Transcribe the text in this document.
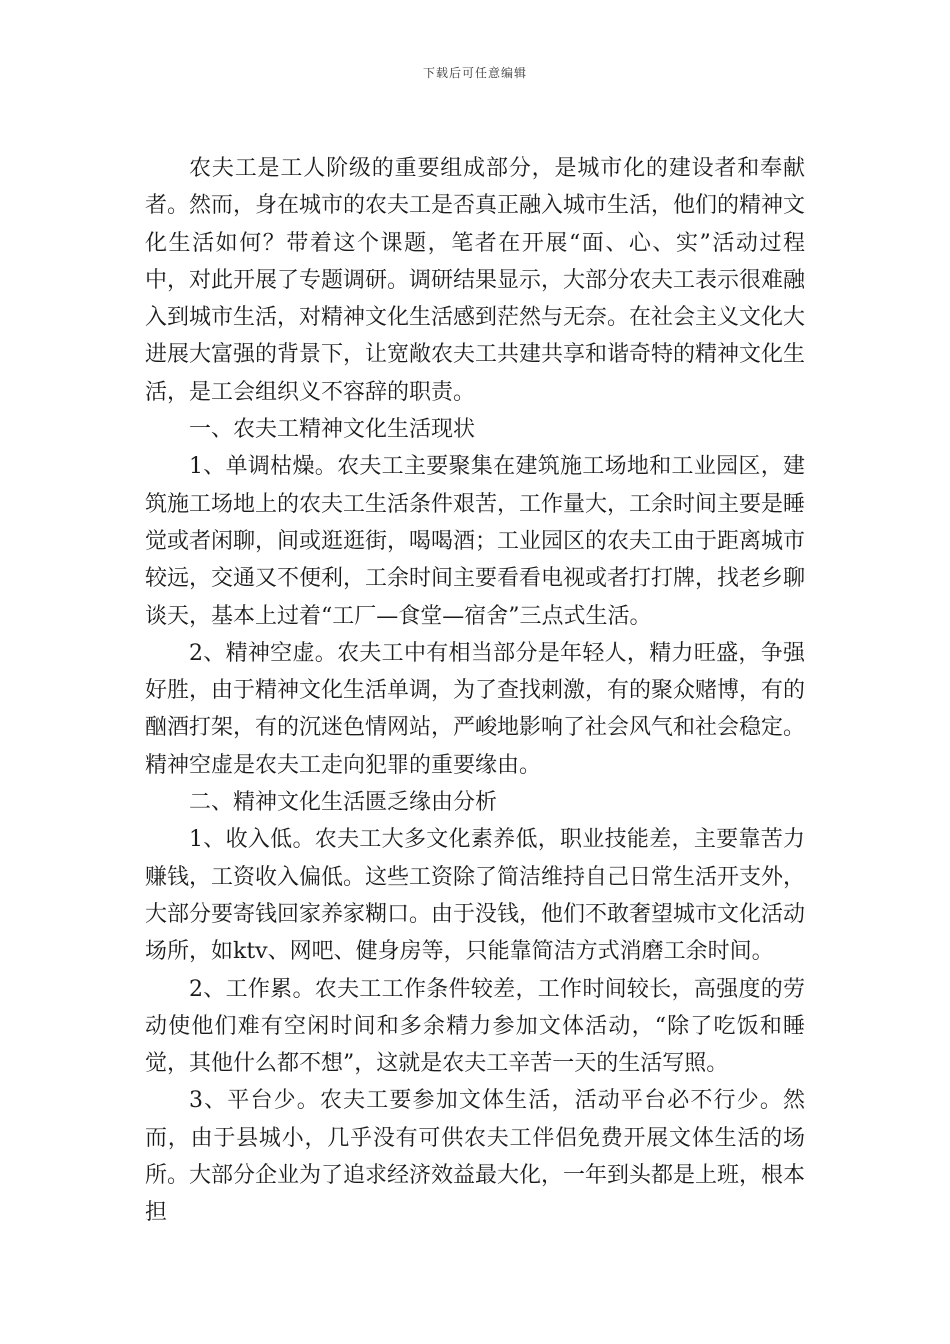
下载后可任意编辑

农夫工是工人阶级的重要组成部分，是城市化的建设者和奉献者。然而，身在城市的农夫工是否真正融入城市生活，他们的精神文化生活如何？带着这个课题，笔者在开展“面、心、实”活动过程中，对此开展了专题调研。调研结果显示，大部分农夫工表示很难融入到城市生活，对精神文化生活感到茫然与无奈。在社会主义文化大进展大富强的背景下，让宽敞农夫工共建共享和谐奇特的精神文化生活，是工会组织义不容辞的职责。

一、农夫工精神文化生活现状

1、单调枯燥。农夫工主要聚集在建筑施工场地和工业园区，建筑施工场地上的农夫工生活条件艰苦，工作量大，工余时间主要是睡觉或者闲聊，间或逛逛街，喝喝酒；工业园区的农夫工由于距离城市较远，交通又不便利，工余时间主要看看电视或者打打牌，找老乡聊谈天，基本上过着“工厂—食堂—宿舍”三点式生活。

2、精神空虚。农夫工中有相当部分是年轻人，精力旺盛，争强好胜，由于精神文化生活单调，为了查找刺激，有的聚众赌博，有的酗酒打架，有的沉迷色情网站，严峻地影响了社会风气和社会稳定。精神空虚是农夫工走向犯罪的重要缘由。

二、精神文化生活匮乏缘由分析

1、收入低。农夫工大多文化素养低，职业技能差，主要靠苦力赚钱，工资收入偏低。这些工资除了简洁维持自己日常生活开支外，大部分要寄钱回家养家糊口。由于没钱，他们不敢奢望城市文化活动场所，如ktv、网吧、健身房等，只能靠简洁方式消磨工余时间。

2、工作累。农夫工工作条件较差，工作时间较长，高强度的劳动使他们难有空闲时间和多余精力参加文体活动，“除了吃饭和睡觉，其他什么都不想”，这就是农夫工辛苦一天的生活写照。

3、平台少。农夫工要参加文体生活，活动平台必不行少。然而，由于县城小，几乎没有可供农夫工伴侣免费开展文体生活的场所。大部分企业为了追求经济效益最大化，一年到头都是上班，根本担
